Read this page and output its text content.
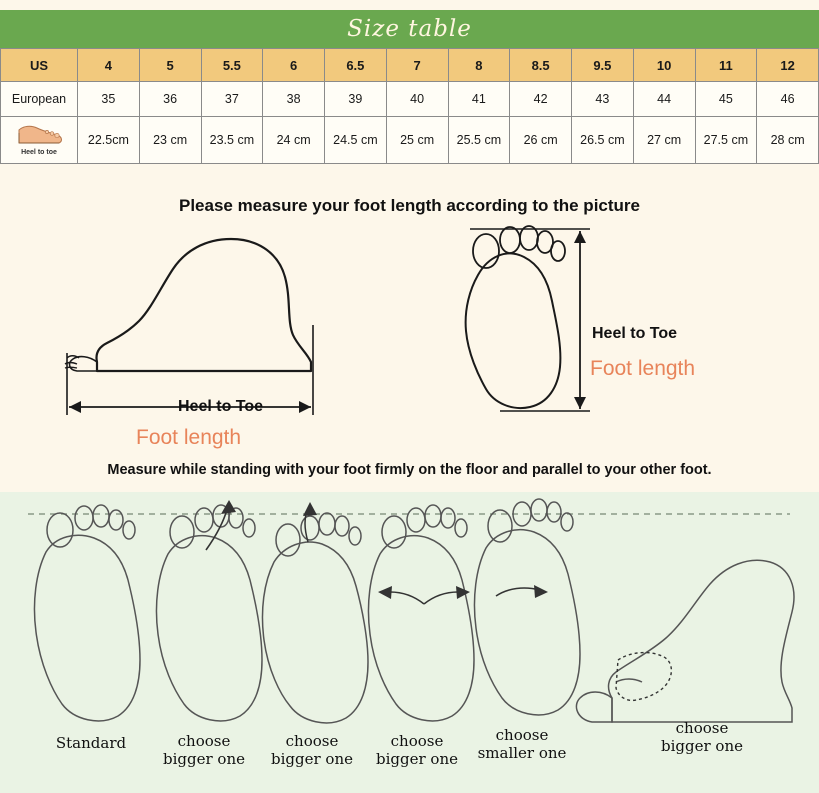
Size table
US	4	5	5.5	6	6.5	7	8	8.5	9.5	10	11	12
European	35	36	37	38	39	40	41	42	43	44	45	46

Heel to toe	22.5cm	23 cm	23.5 cm	24 cm	24.5 cm	25 cm	25.5 cm	26 cm	26.5 cm	27 cm	27.5 cm	28 cm
Please measure your foot length according to the picture
Heel to Toe
Foot length
Heel to Toe
Foot length
Measure while standing with your foot firmly on the floor and parallel to your other foot.
Standard	choose
bigger one
choose
bigger one
choose
bigger one
choose
smaller one
choose
bigger one
